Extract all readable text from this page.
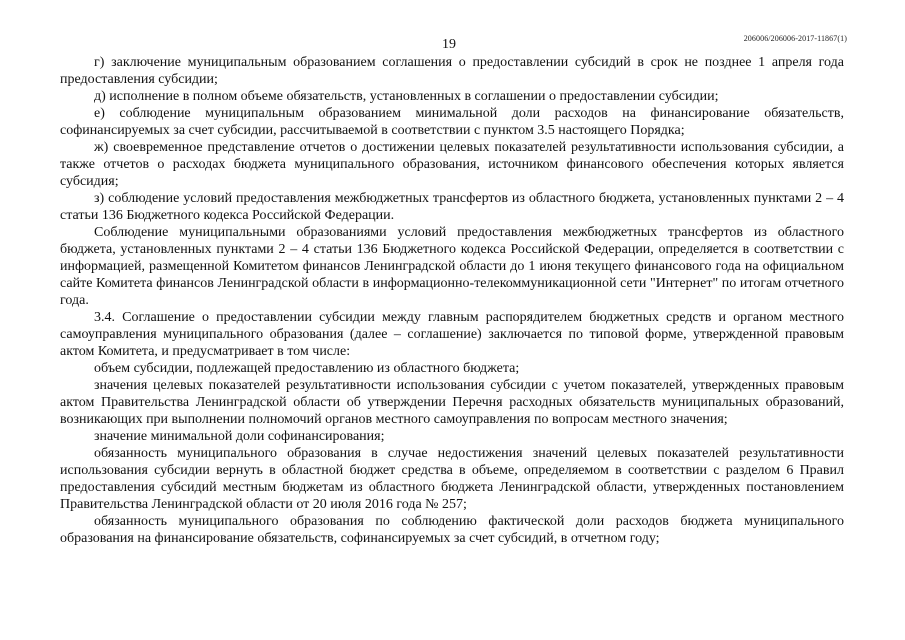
206006/206006-2017-11867(1)
19

г) заключение муниципальным образованием соглашения о предоставлении субсидий в срок не позднее 1 апреля года предоставления субсидии;

д) исполнение в полном объеме обязательств, установленных в соглашении о предоставлении субсидии;

е) соблюдение муниципальным образованием минимальной доли расходов на финансирование обязательств, софинансируемых за счет субсидии, рассчитываемой в соответствии с пунктом 3.5 настоящего Порядка;

ж) своевременное представление отчетов о достижении целевых показателей результативности использования субсидии, а также отчетов о расходах бюджета муниципального образования, источником финансового обеспечения которых является субсидия;

з) соблюдение условий предоставления межбюджетных трансфертов из областного бюджета, установленных пунктами 2 – 4 статьи 136 Бюджетного кодекса Российской Федерации.

Соблюдение муниципальными образованиями условий предоставления межбюджетных трансфертов из областного бюджета, установленных пунктами 2 – 4 статьи 136 Бюджетного кодекса Российской Федерации, определяется в соответствии с информацией, размещенной Комитетом финансов Ленинградской области до 1 июня текущего финансового года на официальном сайте Комитета финансов Ленинградской области в информационно-телекоммуникационной сети "Интернет" по итогам отчетного года.

3.4. Соглашение о предоставлении субсидии между главным распорядителем бюджетных средств и органом местного самоуправления муниципального образования (далее – соглашение) заключается по типовой форме, утвержденной правовым актом Комитета, и предусматривает в том числе:

объем субсидии, подлежащей предоставлению из областного бюджета;

значения целевых показателей результативности использования субсидии с учетом показателей, утвержденных правовым актом Правительства Ленинградской области об утверждении Перечня расходных обязательств муниципальных образований, возникающих при выполнении полномочий органов местного самоуправления по вопросам местного значения;

значение минимальной доли софинансирования;

обязанность муниципального образования в случае недостижения значений целевых показателей результативности использования субсидии вернуть в областной бюджет средства в объеме, определяемом в соответствии с разделом 6 Правил предоставления субсидий местным бюджетам из областного бюджета Ленинградской области, утвержденных постановлением Правительства Ленинградской области от 20 июля 2016 года № 257;

обязанность муниципального образования по соблюдению фактической доли расходов бюджета муниципального образования на финансирование обязательств, софинансируемых за счет субсидий, в отчетном году;
